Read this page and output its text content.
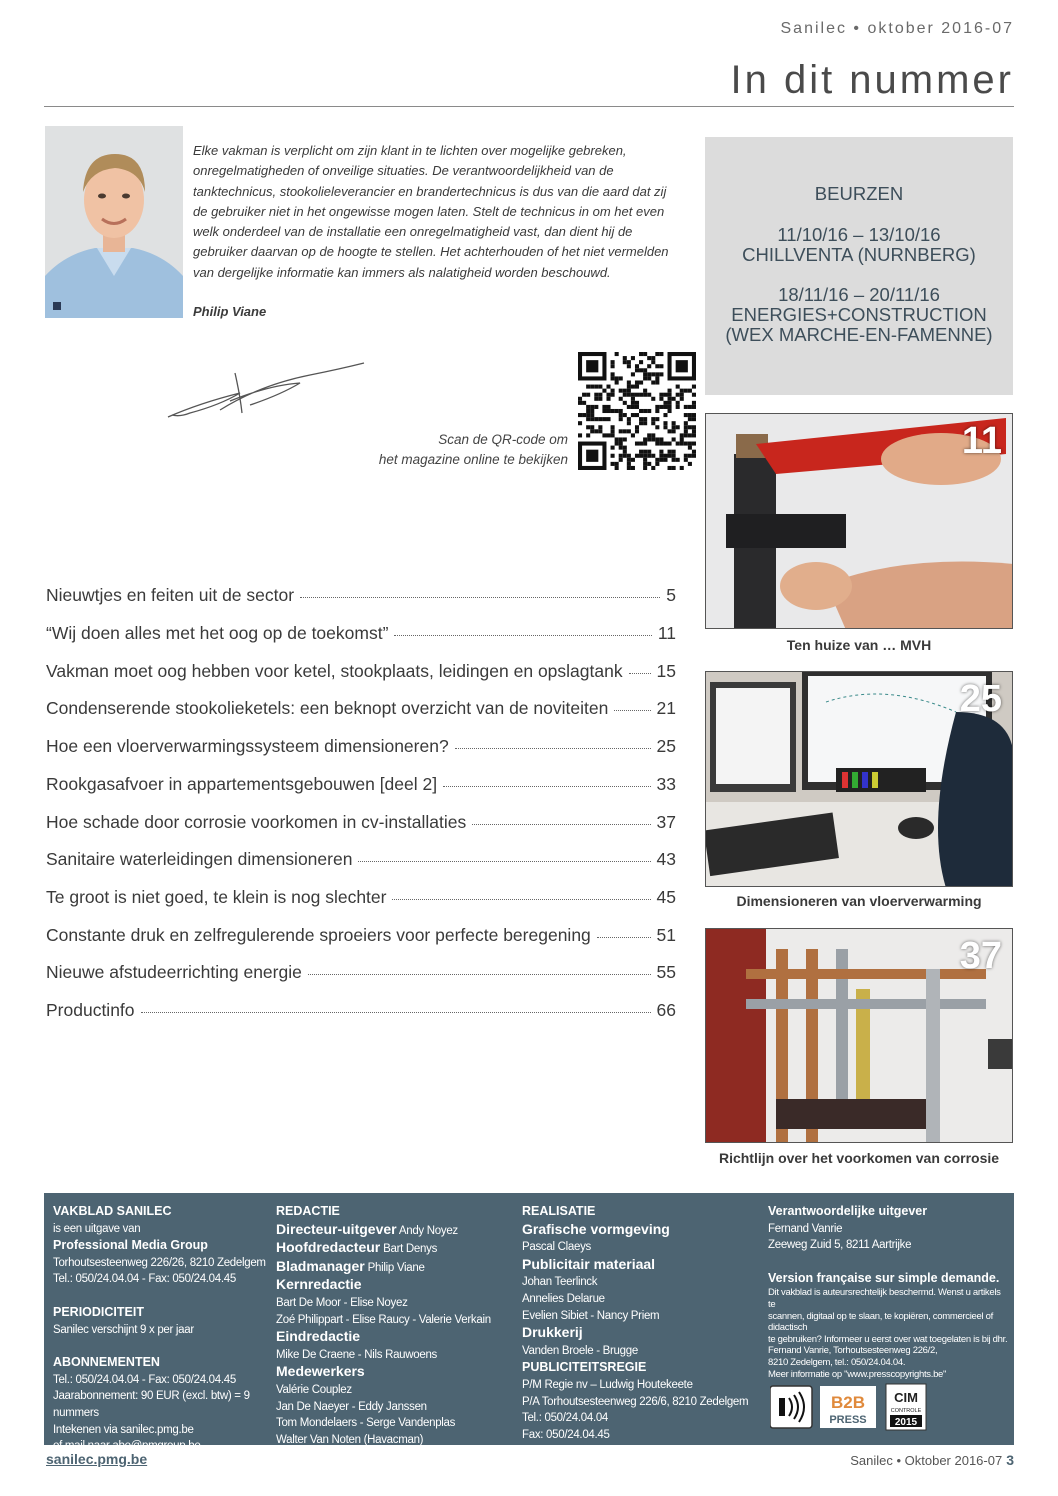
Sanilec • oktober 2016-07
In dit nummer
Elke vakman is verplicht om zijn klant in te lichten over mogelijke gebreken, onregelmatigheden of onveilige situaties. De verantwoordelijkheid van de tanktechnicus, stookolieleverancier en brandertechnicus is dus van die aard dat zij de gebruiker niet in het ongewisse mogen laten. Stelt de technicus in om het even welk onderdeel van de installatie een onregelmatigheid vast, dan dient hij de gebruiker daarvan op de hoogte te stellen. Het achterhouden of het niet vermelden van dergelijke informatie kan immers als nalatigheid worden beschouwd.
Philip Viane
Scan de QR-code om
het magazine online te bekijken
BEURZEN
11/10/16 – 13/10/16
CHILLVENTA (NURNBERG)
18/11/16 – 20/11/16
ENERGIES+CONSTRUCTION
(WEX MARCHE-EN-FAMENNE)
11
Ten huize van … MVH
25
Dimensioneren van vloerverwarming
37
Richtlijn over het voorkomen van corrosie
Nieuwtjes en feiten uit de sector	5
“Wij doen alles met het oog op de toekomst”	11
Vakman moet oog hebben voor ketel, stookplaats, leidingen en opslagtank 15
Condenserende stookolieketels: een beknopt overzicht van de noviteiten	21
Hoe een vloerverwarmingssysteem dimensioneren?	25
Rookgasafvoer in appartementsgebouwen [deel 2]	33
Hoe schade door corrosie voorkomen in cv-installaties	37
Sanitaire waterleidingen dimensioneren	43
Te groot is niet goed, te klein is nog slechter	45
Constante druk en zelfregulerende sproeiers voor perfecte beregening	51
Nieuwe afstudeerrichting energie	55
Productinfo	66
VAKBLAD SANILEC
is een uitgave van
Professional Media Group
Torhoutsesteenweg 226/26, 8210 Zedelgem
Tel.: 050/24.04.04 - Fax: 050/24.04.45
PERIODICITEIT
Sanilec verschijnt 9 x per jaar
ABONNEMENTEN
Tel.: 050/24.04.04 - Fax: 050/24.04.45
Jaarabonnement: 90 EUR (excl. btw) = 9 nummers
Intekenen via sanilec.pmg.be
of mail naar abo@pmgroup.be
REDACTIE
Directeur-uitgever Andy Noyez
Hoofdredacteur Bart Denys
Bladmanager Philip Viane
Kernredactie
Bart De Moor - Elise Noyez
Zoé Philippart - Elise Raucy - Valerie Verkain
Eindredactie
Mike De Craene - Nils Rauwoens
Medewerkers
Valérie Couplez
Jan De Naeyer - Eddy Janssen
Tom Mondelaers - Serge Vandenplas
Walter Van Noten (Havacman)
REALISATIE
Grafische vormgeving
Pascal Claeys
Publicitair materiaal
Johan Teerlinck
Annelies Delarue
Evelien Sibiet - Nancy Priem
Drukkerij
Vanden Broele - Brugge
PUBLICITEITSREGIE
P/M Regie nv – Ludwig Houtekeete
P/A Torhoutsesteenweg 226/6, 8210 Zedelgem
Tel.: 050/24.04.04
Fax: 050/24.04.45
Verantwoordelijke uitgever
Fernand Vanrie
Zeeweg Zuid 5, 8211 Aartrijke
Version française sur simple demande.
Dit vakblad is auteursrechtelijk beschermd. Wenst u artikels te
scannen, digitaal op te slaan, te kopiëren, commercieel of didactisch
te gebruiken? Informeer u eerst over wat toegelaten is bij dhr.
Fernand Vanrie, Torhoutsesteenweg 226/2,
8210 Zedelgem, tel.: 050/24.04.04.
Meer informatie op "www.presscopyrights.be"
B2B
PRESS
CIM
CONTROLE
2015
sanilec.pmg.be	Sanilec • Oktober 2016-07 3
